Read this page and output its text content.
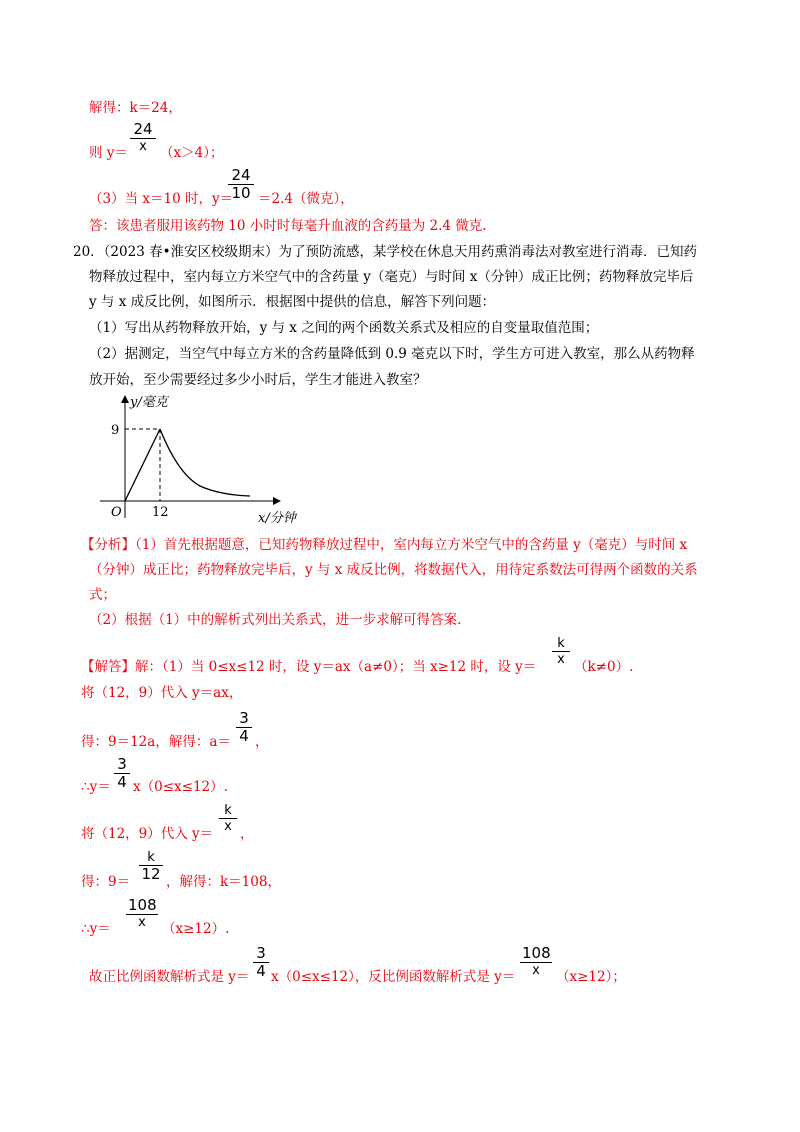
解得：k＝24，
则 y＝
24
x （x＞4）；
（3）当 x＝10 时，y＝
24
10 ＝2.4（微克），
答：该患者服用该药物 10 小时时每毫升血液的含药量为 2.4 微克.
20．（2023 春•淮安区校级期末）为了预防流感，某学校在休息天用药熏消毒法对教室进行消毒．已知药
物释放过程中，室内每立方米空气中的含药量 y（毫克）与时间 x（分钟）成正比例；药物释放完毕后
y 与 x 成反比例，如图所示．根据图中提供的信息，解答下列问题：
（1）写出从药物释放开始，y 与 x 之间的两个函数关系式及相应的自变量取值范围；
（2）据测定，当空气中每立方米的含药量降低到 0.9 毫克以下时，学生方可进入教室，那么从药物释
放开始，至少需要经过多少小时后，学生才能进入教室？
y/毫克
x/分钟
O
9
12
【分析】（1）首先根据题意，已知药物释放过程中，室内每立方米空气中的含药量 y（毫克）与时间 x
（分钟）成正比；药物释放完毕后，y 与 x 成反比例，将数据代入，用待定系数法可得两个函数的关系
式；
（2）根据（1）中的解析式列出关系式，进一步求解可得答案.
【解答】解：（1）当 0≤x≤12 时，设 y＝ax（a≠0）；当 x≥12 时，设 y＝
k
x （k≠0）.
将（12，9）代入 y＝ax，
得：9＝12a，解得：a＝
3
4 ，
∴y＝
3
4 x（0≤x≤12）.
将（12，9）代入 y＝
k
x ，
得：9＝
k
12 ，解得：k＝108，
∴y＝
108
x	（x≥12）.
故正比例函数解析式是 y＝
3
4 x（0≤x≤12），反比例函数解析式是 y＝
108
x	（x≥12）；
